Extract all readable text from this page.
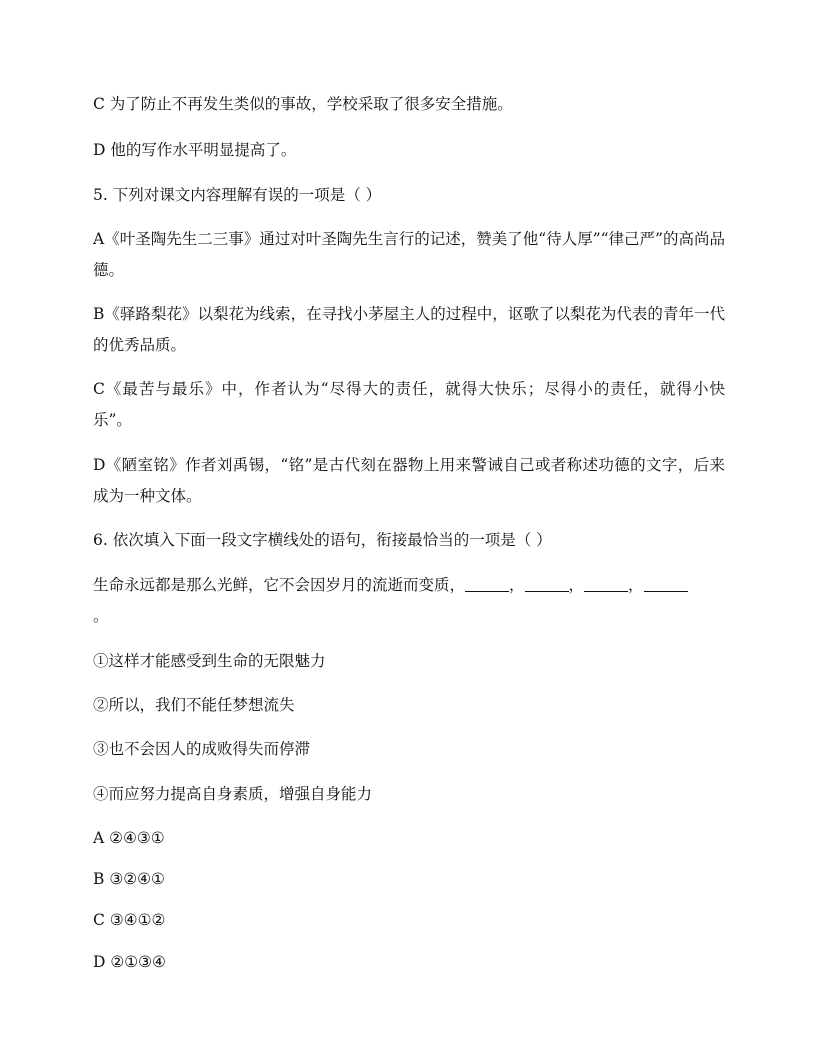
C 为了防止不再发生类似的事故，学校采取了很多安全措施。
D 他的写作水平明显提高了。
5. 下列对课文内容理解有误的一项是（ ）
A《叶圣陶先生二三事》通过对叶圣陶先生言行的记述，赞美了他“待人厚”“律己严”的高尚品德。
B《驿路梨花》以梨花为线索，在寻找小茅屋主人的过程中，讴歌了以梨花为代表的青年一代的优秀品质。
C《最苦与最乐》中，作者认为“尽得大的责任，就得大快乐；尽得小的责任，就得小快乐”。
D《陋室铭》作者刘禹锡，“铭”是古代刻在器物上用来警诫自己或者称述功德的文字，后来成为一种文体。
6. 依次填入下面一段文字横线处的语句，衔接最恰当的一项是（ ）
生命永远都是那么光鲜，它不会因岁月的流逝而变质，	，	，	，
。
①这样才能感受到生命的无限魅力
②所以，我们不能任梦想流失
③也不会因人的成败得失而停滞
④而应努力提高自身素质，增强自身能力
A ②④③①
B ③②④①
C ③④①②
D ②①③④
